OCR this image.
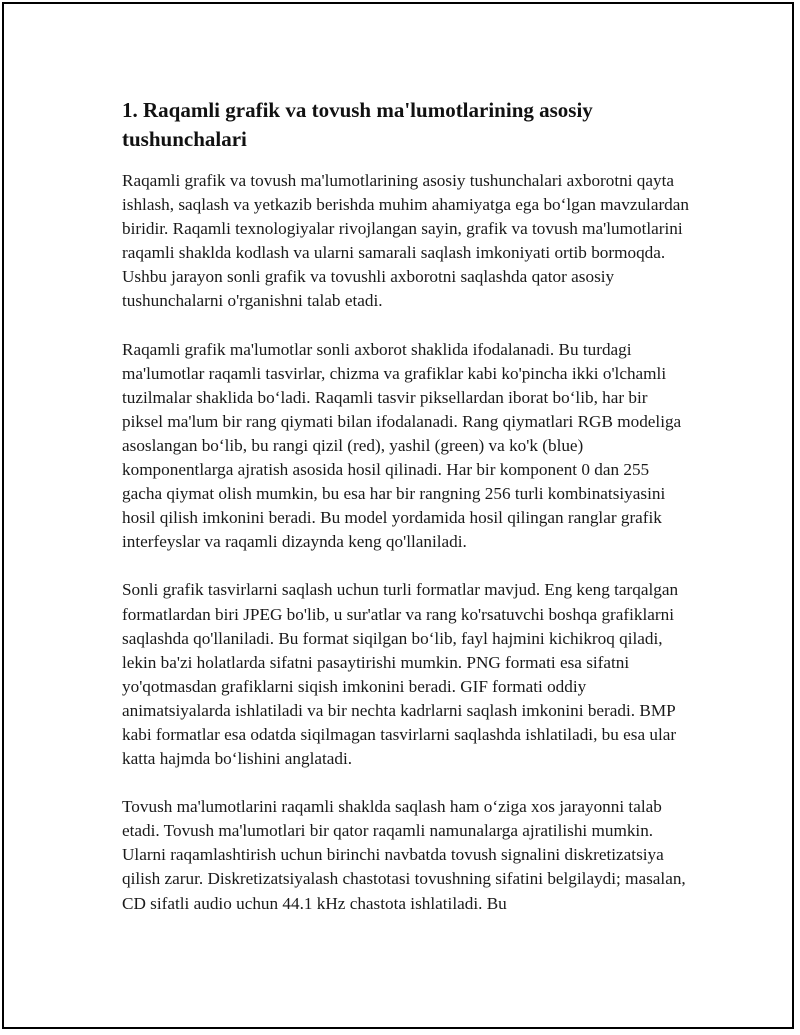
1. Raqamli grafik va tovush ma'lumotlarining asosiy tushunchalari

Raqamli grafik va tovush ma'lumotlarining asosiy tushunchalari axborotni qayta ishlash, saqlash va yetkazib berishda muhim ahamiyatga ega bo‘lgan mavzulardan biridir. Raqamli texnologiyalar rivojlangan sayin, grafik va tovush ma'lumotlarini raqamli shaklda kodlash va ularni samarali saqlash imkoniyati ortib bormoqda. Ushbu jarayon sonli grafik va tovushli axborotni saqlashda qator asosiy tushunchalarni o'rganishni talab etadi.

Raqamli grafik ma'lumotlar sonli axborot shaklida ifodalanadi. Bu turdagi ma'lumotlar raqamli tasvirlar, chizma va grafiklar kabi ko'pincha ikki o'lchamli tuzilmalar shaklida bo‘ladi. Raqamli tasvir piksellardan iborat bo‘lib, har bir piksel ma'lum bir rang qiymati bilan ifodalanadi. Rang qiymatlari RGB modeliga asoslangan bo‘lib, bu rangi qizil (red), yashil (green) va ko'k (blue) komponentlarga ajratish asosida hosil qilinadi. Har bir komponent 0 dan 255 gacha qiymat olish mumkin, bu esa har bir rangning 256 turli kombinatsiyasini hosil qilish imkonini beradi. Bu model yordamida hosil qilingan ranglar grafik interfeyslar va raqamli dizaynda keng qo'llaniladi.

Sonli grafik tasvirlarni saqlash uchun turli formatlar mavjud. Eng keng tarqalgan formatlardan biri JPEG bo'lib, u sur'atlar va rang ko'rsatuvchi boshqa grafiklarni saqlashda qo'llaniladi. Bu format siqilgan bo‘lib, fayl hajmini kichikroq qiladi, lekin ba'zi holatlarda sifatni pasaytirishi mumkin. PNG formati esa sifatni yo'qotmasdan grafiklarni siqish imkonini beradi. GIF formati oddiy animatsiyalarda ishlatiladi va bir nechta kadrlarni saqlash imkonini beradi. BMP kabi formatlar esa odatda siqilmagan tasvirlarni saqlashda ishlatiladi, bu esa ular katta hajmda bo‘lishini anglatadi.

Tovush ma'lumotlarini raqamli shaklda saqlash ham o‘ziga xos jarayonni talab etadi. Tovush ma'lumotlari bir qator raqamli namunalarga ajratilishi mumkin. Ularni raqamlashtirish uchun birinchi navbatda tovush signalini diskretizatsiya qilish zarur. Diskretizatsiyalash chastotasi tovushning sifatini belgilaydi; masalan, CD sifatli audio uchun 44.1 kHz chastota ishlatiladi. Bu
